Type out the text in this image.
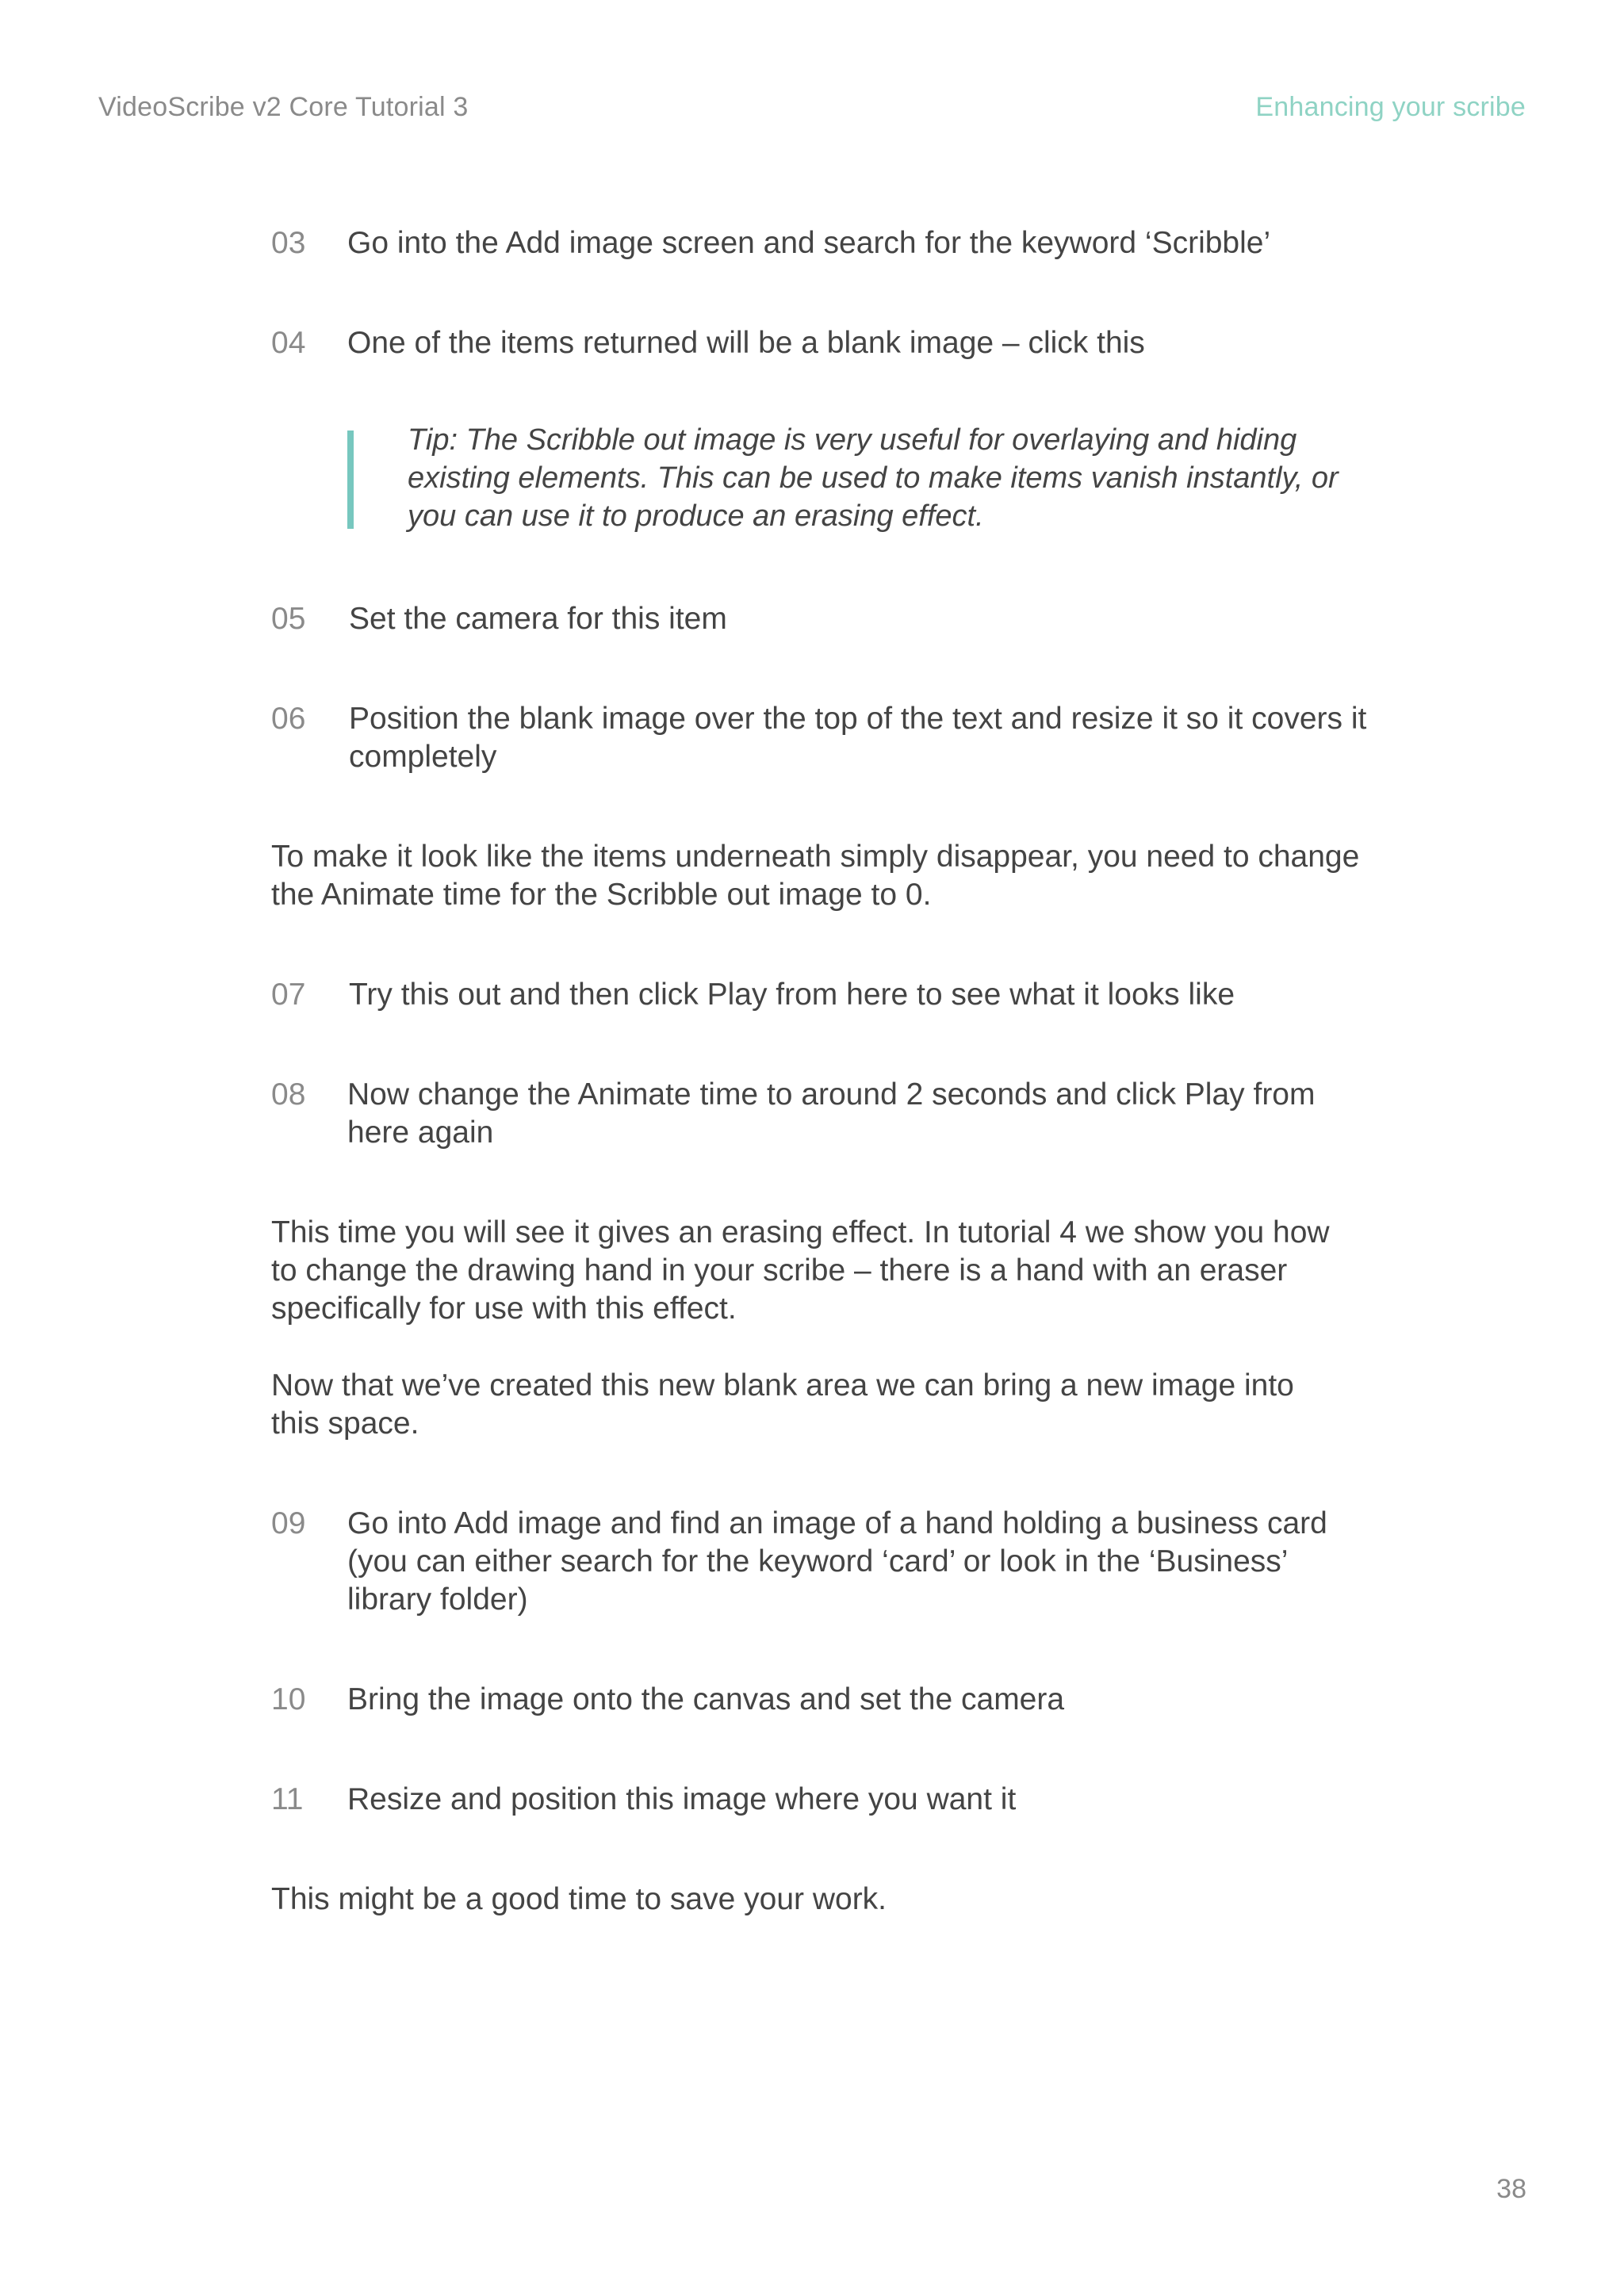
VideoScribe v2 Core Tutorial 3	Enhancing your scribe
03 Go into the Add image screen and search for the keyword ‘Scribble’
04 One of the items returned will be a blank image – click this
Tip: The Scribble out image is very useful for overlaying and hiding
existing elements. This can be used to make items vanish instantly, or
you can use it to produce an erasing effect.
05 Set the camera for this item
06 Position the blank image over the top of the text and resize it so it covers it
completely
To make it look like the items underneath simply disappear, you need to change
the Animate time for the Scribble out image to 0.
07 Try this out and then click Play from here to see what it looks like
08 Now change the Animate time to around 2 seconds and click Play from
here again
This time you will see it gives an erasing effect. In tutorial 4 we show you how
to change the drawing hand in your scribe – there is a hand with an eraser
specifically for use with this effect.
Now that we’ve created this new blank area we can bring a new image into
this space.
09 Go into Add image and find an image of a hand holding a business card
(you can either search for the keyword ‘card’ or look in the ‘Business’
library folder)
10 Bring the image onto the canvas and set the camera
11 Resize and position this image where you want it
This might be a good time to save your work.
38
